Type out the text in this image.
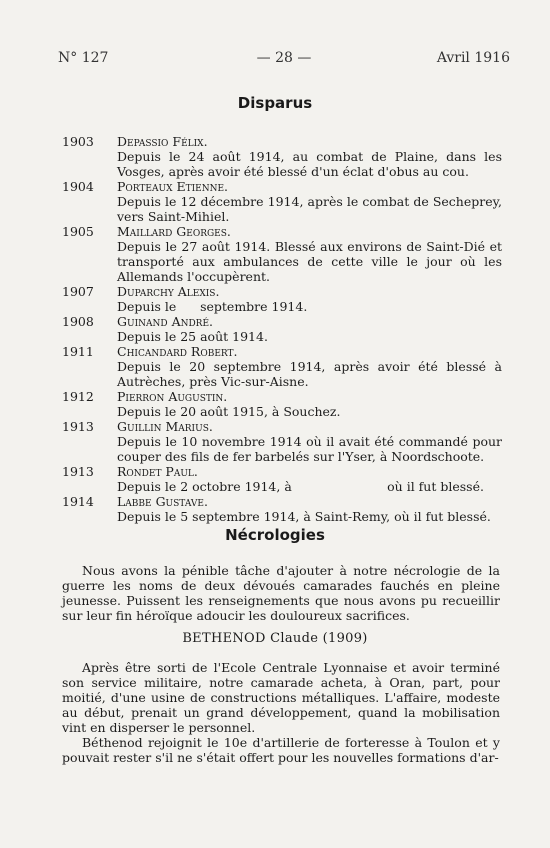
N° 127	— 28 —	Avril 1916
Disparus
1903	Depassio Félix.
Depuis le 24 août 1914, au combat de Plaine, dans les Vosges, après avoir été blessé d'un éclat d'obus au cou.
1904	Porteaux Etienne.
Depuis le 12 décembre 1914, après le combat de Secheprey, vers Saint-Mihiel.
1905	Maillard Georges.
Depuis le 27 août 1914. Blessé aux environs de Saint-Dié et transporté aux ambulances de cette ville le jour où les Allemands l'occupèrent.
1907	Duparchy Alexis.
Depuis le      septembre 1914.
1908	Guinand André.
Depuis le 25 août 1914.
1911	Chicandard Robert.
Depuis le 20 septembre 1914, après avoir été blessé à Autrèches, près Vic-sur-Aisne.
1912	Pierron Augustin.
Depuis le 20 août 1915, à Souchez.
1913	Guillin Marius.
Depuis le 10 novembre 1914 où il avait été commandé pour couper des fils de fer barbelés sur l'Yser, à Noordschoote.
1913	Rondet Paul.
Depuis le 2 octobre 1914, à                        où il fut blessé.
1914	Labbe Gustave.
Depuis le 5 septembre 1914, à Saint-Remy, où il fut blessé.
Nécrologies

Nous avons la pénible tâche d'ajouter à notre nécrologie de la guerre les noms de deux dévoués camarades fauchés en pleine jeunesse. Puissent les renseignements que nous avons pu recueillir sur leur fin héroïque adoucir les douloureux sacrifices.

BETHENOD Claude (1909)

Après être sorti de l'Ecole Centrale Lyonnaise et avoir terminé son service militaire, notre camarade acheta, à Oran, part, pour moitié, d'une usine de constructions métalliques. L'affaire, modeste au début, prenait un grand développement, quand la mobilisation vint en disperser le personnel.

Béthenod rejoignit le 10e d'artillerie de forteresse à Toulon et y pouvait rester s'il ne s'était offert pour les nouvelles formations d'ar-
